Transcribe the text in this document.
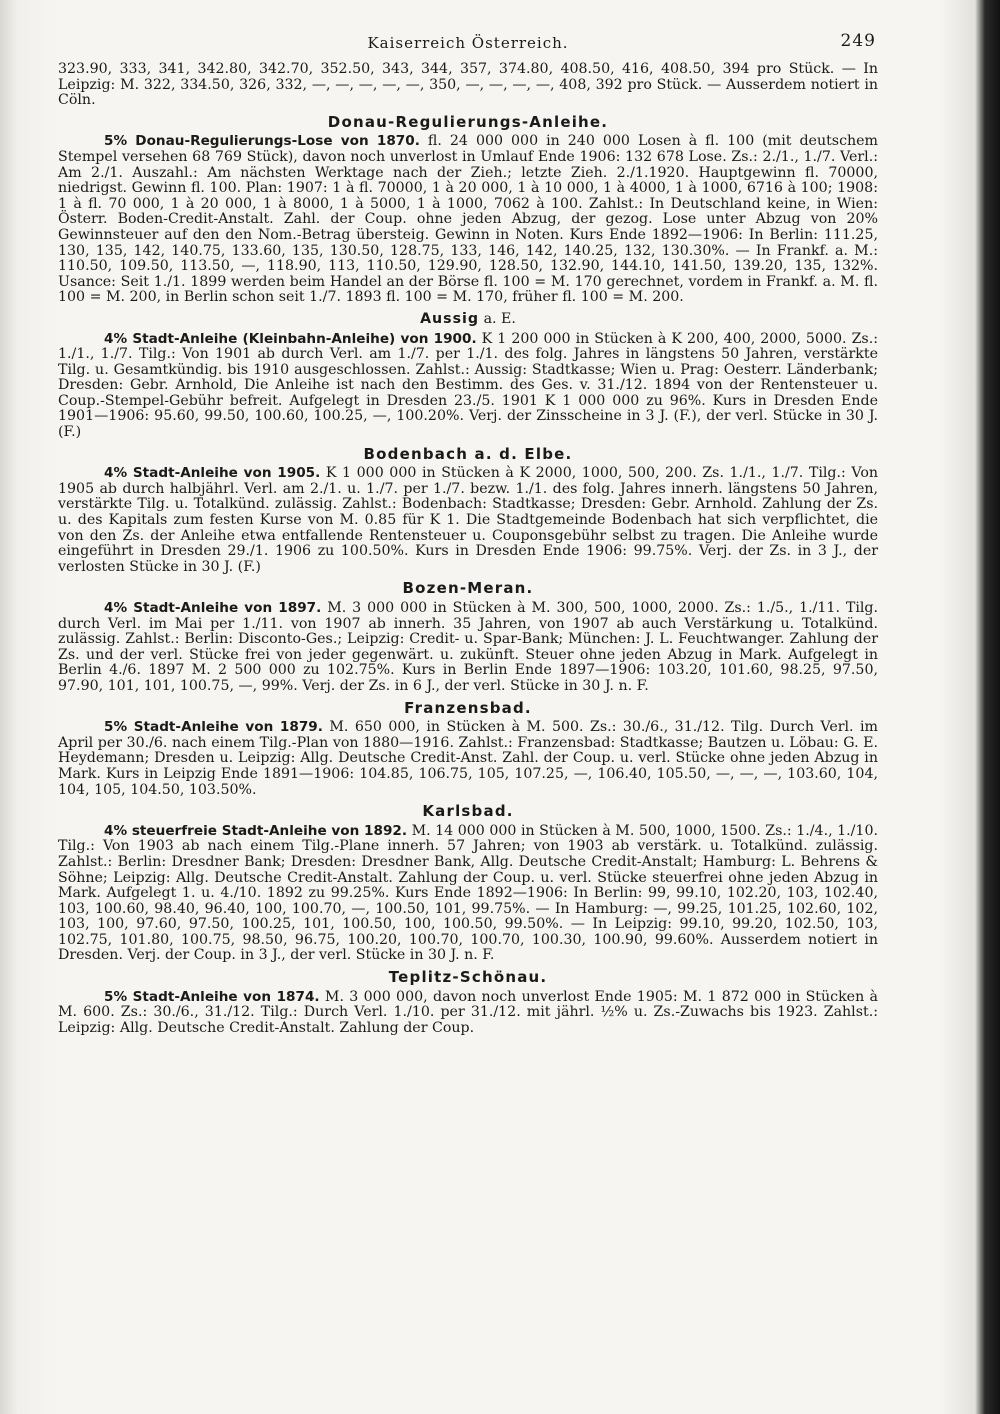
Kaiserreich Österreich.	249

323.90, 333, 341, 342.80, 342.70, 352.50, 343, 344, 357, 374.80, 408.50, 416, 408.50, 394 pro Stück. — In Leipzig: M. 322, 334.50, 326, 332, —, —, —, —, —, 350, —, —, —, —, 408, 392 pro Stück. — Ausserdem notiert in Cöln.

Donau-Regulierungs-Anleihe.

5% Donau-Regulierungs-Lose von 1870. fl. 24 000 000 in 240 000 Losen à fl. 100 (mit deutschem Stempel versehen 68 769 Stück), davon noch unverlost in Umlauf Ende 1906: 132 678 Lose. Zs.: 2./1., 1./7. Verl.: Am 2./1. Auszahl.: Am nächsten Werktage nach der Zieh.; letzte Zieh. 2./1.1920. Hauptgewinn fl. 70000, niedrigst. Gewinn fl. 100. Plan: 1907: 1 à fl. 70000, 1 à 20 000, 1 à 10 000, 1 à 4000, 1 à 1000, 6716 à 100; 1908: 1 à fl. 70 000, 1 à 20 000, 1 à 8000, 1 à 5000, 1 à 1000, 7062 à 100. Zahlst.: In Deutschland keine, in Wien: Österr. Boden-Credit-Anstalt. Zahl. der Coup. ohne jeden Abzug, der gezog. Lose unter Abzug von 20% Gewinnsteuer auf den den Nom.-Betrag übersteig. Gewinn in Noten. Kurs Ende 1892—1906: In Berlin: 111.25, 130, 135, 142, 140.75, 133.60, 135, 130.50, 128.75, 133, 146, 142, 140.25, 132, 130.30%. — In Frankf. a. M.: 110.50, 109.50, 113.50, —, 118.90, 113, 110.50, 129.90, 128.50, 132.90, 144.10, 141.50, 139.20, 135, 132%. Usance: Seit 1./1. 1899 werden beim Handel an der Börse fl. 100 = M. 170 gerechnet, vordem in Frankf. a. M. fl. 100 = M. 200, in Berlin schon seit 1./7. 1893 fl. 100 = M. 170, früher fl. 100 = M. 200.

Aussig a. E.

4% Stadt-Anleihe (Kleinbahn-Anleihe) von 1900. K 1 200 000 in Stücken à K 200, 400, 2000, 5000. Zs.: 1./1., 1./7. Tilg.: Von 1901 ab durch Verl. am 1./7. per 1./1. des folg. Jahres in längstens 50 Jahren, verstärkte Tilg. u. Gesamtkündig. bis 1910 ausgeschlossen. Zahlst.: Aussig: Stadtkasse; Wien u. Prag: Oesterr. Länderbank; Dresden: Gebr. Arnhold, Die Anleihe ist nach den Bestimm. des Ges. v. 31./12. 1894 von der Rentensteuer u. Coup.-Stempel-Gebühr befreit. Aufgelegt in Dresden 23./5. 1901 K 1 000 000 zu 96%. Kurs in Dresden Ende 1901—1906: 95.60, 99.50, 100.60, 100.25, —, 100.20%. Verj. der Zinsscheine in 3 J. (F.), der verl. Stücke in 30 J. (F.)

Bodenbach a. d. Elbe.

4% Stadt-Anleihe von 1905. K 1 000 000 in Stücken à K 2000, 1000, 500, 200. Zs. 1./1., 1./7. Tilg.: Von 1905 ab durch halbjährl. Verl. am 2./1. u. 1./7. per 1./7. bezw. 1./1. des folg. Jahres innerh. längstens 50 Jahren, verstärkte Tilg. u. Totalkünd. zulässig. Zahlst.: Bodenbach: Stadtkasse; Dresden: Gebr. Arnhold. Zahlung der Zs. u. des Kapitals zum festen Kurse von M. 0.85 für K 1. Die Stadtgemeinde Bodenbach hat sich verpflichtet, die von den Zs. der Anleihe etwa entfallende Rentensteuer u. Couponsgebühr selbst zu tragen. Die Anleihe wurde eingeführt in Dresden 29./1. 1906 zu 100.50%. Kurs in Dresden Ende 1906: 99.75%. Verj. der Zs. in 3 J., der verlosten Stücke in 30 J. (F.)

Bozen-Meran.

4% Stadt-Anleihe von 1897. M. 3 000 000 in Stücken à M. 300, 500, 1000, 2000. Zs.: 1./5., 1./11. Tilg. durch Verl. im Mai per 1./11. von 1907 ab innerh. 35 Jahren, von 1907 ab auch Verstärkung u. Totalkünd. zulässig. Zahlst.: Berlin: Disconto-Ges.; Leipzig: Credit- u. Spar-Bank; München: J. L. Feuchtwanger. Zahlung der Zs. und der verl. Stücke frei von jeder gegenwärt. u. zukünft. Steuer ohne jeden Abzug in Mark. Aufgelegt in Berlin 4./6. 1897 M. 2 500 000 zu 102.75%. Kurs in Berlin Ende 1897—1906: 103.20, 101.60, 98.25, 97.50, 97.90, 101, 101, 100.75, —, 99%. Verj. der Zs. in 6 J., der verl. Stücke in 30 J. n. F.

Franzensbad.

5% Stadt-Anleihe von 1879. M. 650 000, in Stücken à M. 500. Zs.: 30./6., 31./12. Tilg. Durch Verl. im April per 30./6. nach einem Tilg.-Plan von 1880—1916. Zahlst.: Franzensbad: Stadtkasse; Bautzen u. Löbau: G. E. Heydemann; Dresden u. Leipzig: Allg. Deutsche Credit-Anst. Zahl. der Coup. u. verl. Stücke ohne jeden Abzug in Mark. Kurs in Leipzig Ende 1891—1906: 104.85, 106.75, 105, 107.25, —, 106.40, 105.50, —, —, —, 103.60, 104, 104, 105, 104.50, 103.50%.

Karlsbad.

4% steuerfreie Stadt-Anleihe von 1892. M. 14 000 000 in Stücken à M. 500, 1000, 1500. Zs.: 1./4., 1./10. Tilg.: Von 1903 ab nach einem Tilg.-Plane innerh. 57 Jahren; von 1903 ab verstärk. u. Totalkünd. zulässig. Zahlst.: Berlin: Dresdner Bank; Dresden: Dresdner Bank, Allg. Deutsche Credit-Anstalt; Hamburg: L. Behrens & Söhne; Leipzig: Allg. Deutsche Credit-Anstalt. Zahlung der Coup. u. verl. Stücke steuerfrei ohne jeden Abzug in Mark. Aufgelegt 1. u. 4./10. 1892 zu 99.25%. Kurs Ende 1892—1906: In Berlin: 99, 99.10, 102.20, 103, 102.40, 103, 100.60, 98.40, 96.40, 100, 100.70, —, 100.50, 101, 99.75%. — In Hamburg: —, 99.25, 101.25, 102.60, 102, 103, 100, 97.60, 97.50, 100.25, 101, 100.50, 100, 100.50, 99.50%. — In Leipzig: 99.10, 99.20, 102.50, 103, 102.75, 101.80, 100.75, 98.50, 96.75, 100.20, 100.70, 100.70, 100.30, 100.90, 99.60%. Ausserdem notiert in Dresden. Verj. der Coup. in 3 J., der verl. Stücke in 30 J. n. F.

Teplitz-Schönau.

5% Stadt-Anleihe von 1874. M. 3 000 000, davon noch unverlost Ende 1905: M. 1 872 000 in Stücken à M. 600. Zs.: 30./6., 31./12. Tilg.: Durch Verl. 1./10. per 31./12. mit jährl. ½% u. Zs.-Zuwachs bis 1923. Zahlst.: Leipzig: Allg. Deutsche Credit-Anstalt. Zahlung der Coup.
